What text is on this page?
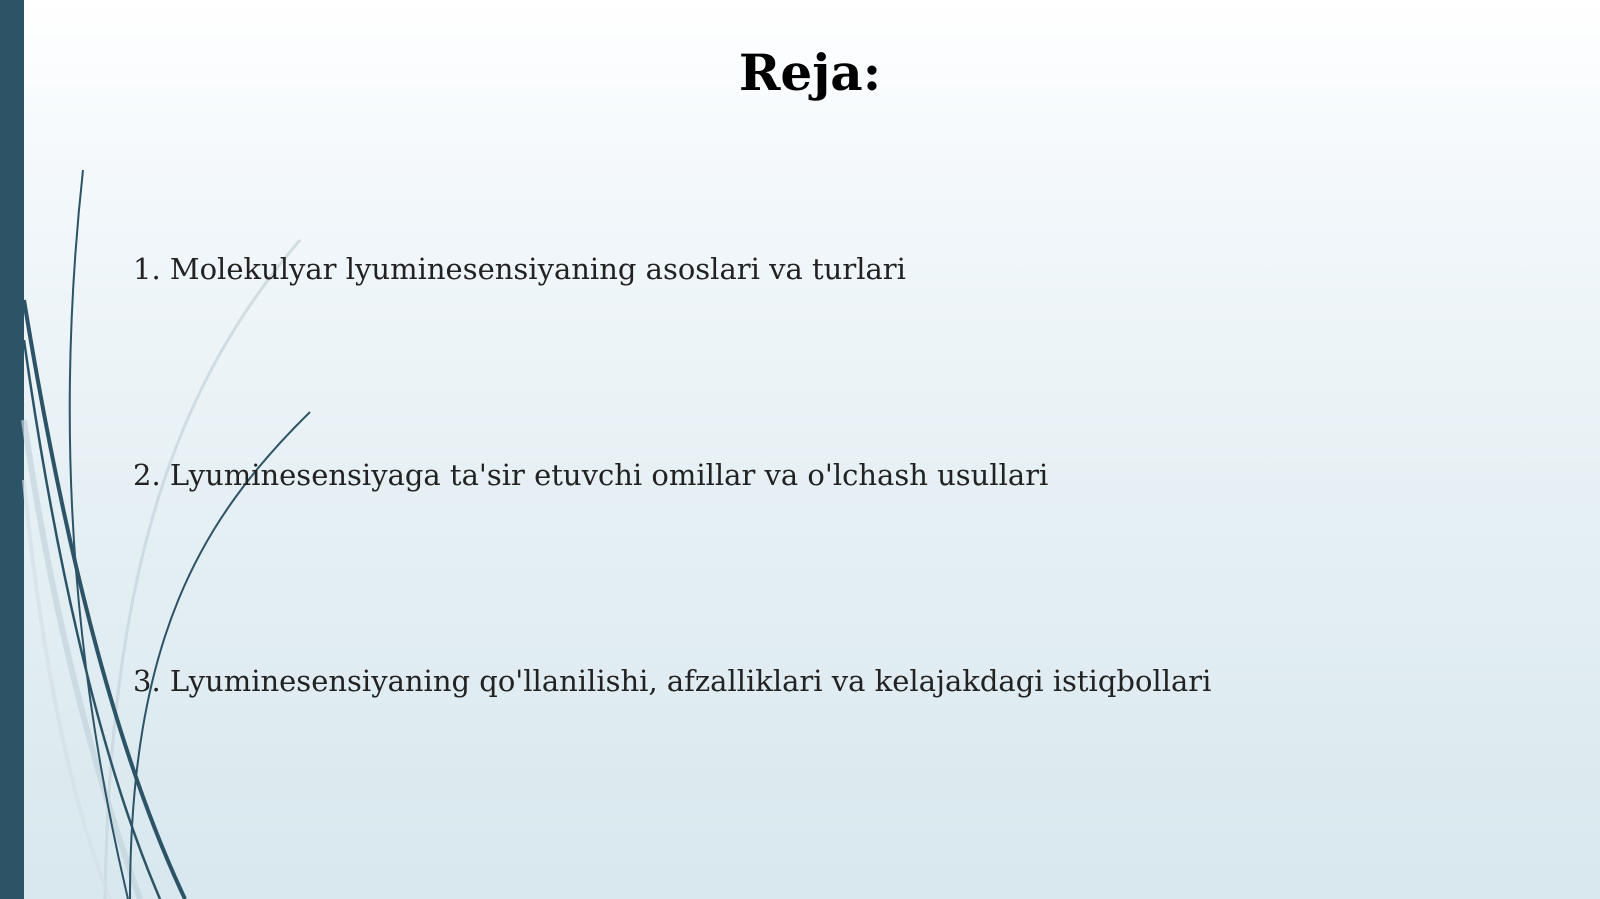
Reja:
1. Molekulyar lyuminesensiyaning asoslari va turlari
2. Lyuminesensiyaga ta'sir etuvchi omillar va o'lchash usullari
3. Lyuminesensiyaning qo'llanilishi, afzalliklari va kelajakdagi istiqbollari
